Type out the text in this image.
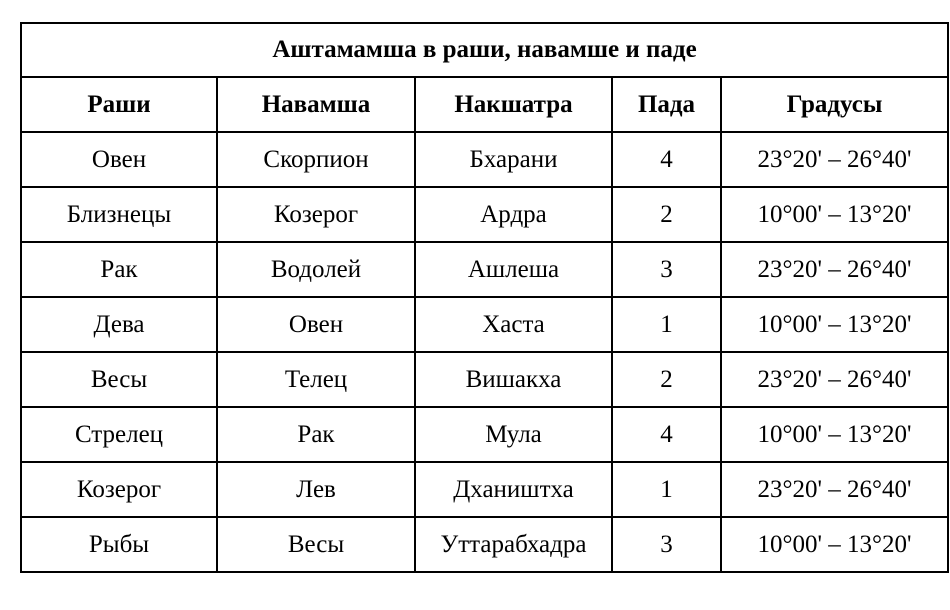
Аштамамша в раши, навамше и паде				
Раши	Навамша	Накшатра	Пада	Градусы
Овен	Скорпион	Бхарани	4	23°20' – 26°40'
Близнецы	Козерог	Ардра	2	10°00' – 13°20'
Рак	Водолей	Ашлеша	3	23°20' – 26°40'
Дева	Овен	Хаста	1	10°00' – 13°20'
Весы	Телец	Вишакха	2	23°20' – 26°40'
Стрелец	Рак	Мула	4	10°00' – 13°20'
Козерог	Лев	Дхаништха	1	23°20' – 26°40'
Рыбы	Весы	Уттарабхадра	3	10°00' – 13°20'
